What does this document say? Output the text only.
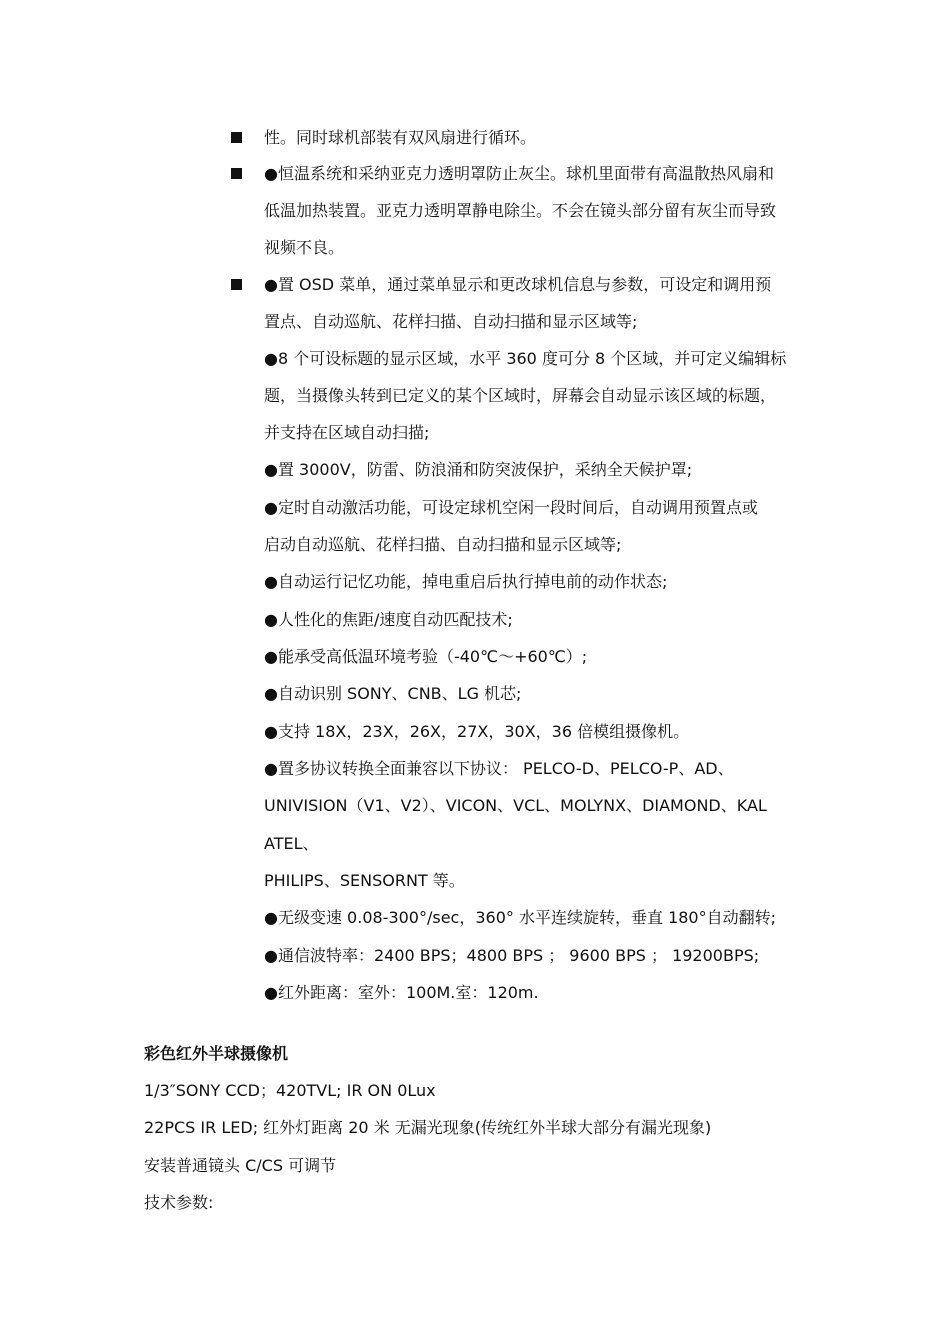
性。同时球机部装有双风扇进行循环。
●恒温系统和采纳亚克力透明罩防止灰尘。球机里面带有高温散热风扇和
低温加热装置。亚克力透明罩静电除尘。不会在镜头部分留有灰尘而导致
视频不良。
●置 OSD 菜单，通过菜单显示和更改球机信息与参数，可设定和调用预
置点、自动巡航、花样扫描、自动扫描和显示区域等;
●8 个可设标题的显示区域，水平 360 度可分 8 个区域，并可定义编辑标
题，当摄像头转到已定义的某个区域时，屏幕会自动显示该区域的标题，
并支持在区域自动扫描;
●置 3000V，防雷、防浪涌和防突波保护，采纳全天候护罩;
●定时自动激活功能，可设定球机空闲一段时间后，自动调用预置点或
启动自动巡航、花样扫描、自动扫描和显示区域等;
●自动运行记忆功能，掉电重启后执行掉电前的动作状态;
●人性化的焦距/速度自动匹配技术;
●能承受高低温环境考验（-40℃～+60℃）;
●自动识别 SONY、CNB、LG 机芯;
●支持 18X，23X，26X，27X，30X，36 倍模组摄像机。
●置多协议转换全面兼容以下协议： PELCO-D、PELCO-P、AD、
UNIVISION（V1、V2）、VICON、VCL、MOLYNX、DIAMOND、KAL
ATEL、
PHILIPS、SENSORNT 等。
●无级变速 0.08-300°/sec，360° 水平连续旋转，垂直 180°自动翻转;
●通信波特率：2400 BPS；4800 BPS ； 9600 BPS ； 19200BPS;
●红外距离：室外：100M.室：120m.
彩色红外半球摄像机
1/3″SONY CCD；420TVL; IR ON 0Lux
22PCS IR LED; 红外灯距离 20 米 无漏光现象(传统红外半球大部分有漏光现象)
安装普通镜头 C/CS 可调节
技术参数:
